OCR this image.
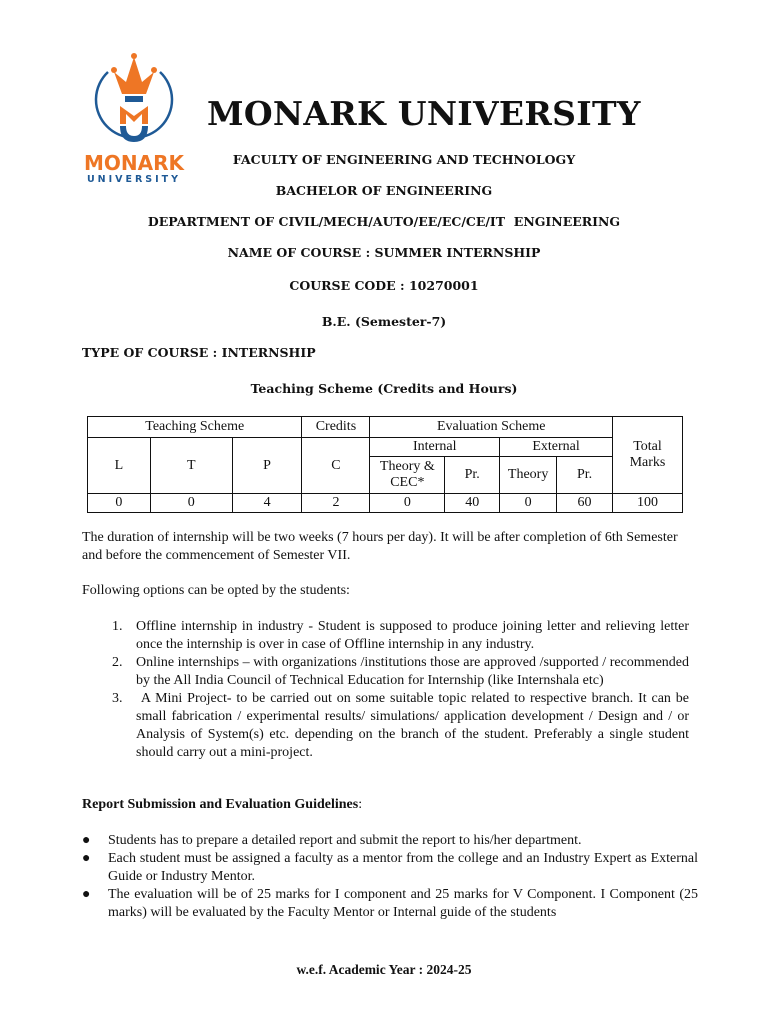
MONARK
UNIVERSITY
MONARK UNIVERSITY
FACULTY OF ENGINEERING AND TECHNOLOGY
BACHELOR OF ENGINEERING
DEPARTMENT OF CIVIL/MECH/AUTO/EE/EC/CE/IT  ENGINEERING
NAME OF COURSE : SUMMER INTERNSHIP
COURSE CODE : 10270001
B.E. (Semester-7)
TYPE OF COURSE : INTERNSHIP
Teaching Scheme (Credits and Hours)
Teaching Scheme			Credits	Evaluation Scheme				Total Marks
L	T	P	C	Internal		External		
				Theory & CEC*	Pr.	Theory	Pr.	
0	0	4	2	0	40	0	60	100
The duration of internship will be two weeks (7 hours per day). It will be after completion of 6th Semester and before the commencement of Semester VII.
Following options can be opted by the students:
1. Offline internship in industry - Student is supposed to produce joining letter and relieving letter once the internship is over in case of Offline internship in any industry.
2. Online internships – with organizations /institutions those are approved /supported / recommended by the All India Council of Technical Education for Internship (like Internshala etc)
3. A Mini Project- to be carried out on some suitable topic related to respective branch. It can be small fabrication / experimental results/ simulations/ application development / Design and / or Analysis of System(s) etc. depending on the branch of the student. Preferably a single student should carry out a mini-project.
Report Submission and Evaluation Guidelines:
● Students has to prepare a detailed report and submit the report to his/her department.
● Each student must be assigned a faculty as a mentor from the college and an Industry Expert as External Guide or Industry Mentor.
● The evaluation will be of 25 marks for I component and 25 marks for V Component. I Component (25 marks) will be evaluated by the Faculty Mentor or Internal guide of the students
w.e.f. Academic Year : 2024-25
